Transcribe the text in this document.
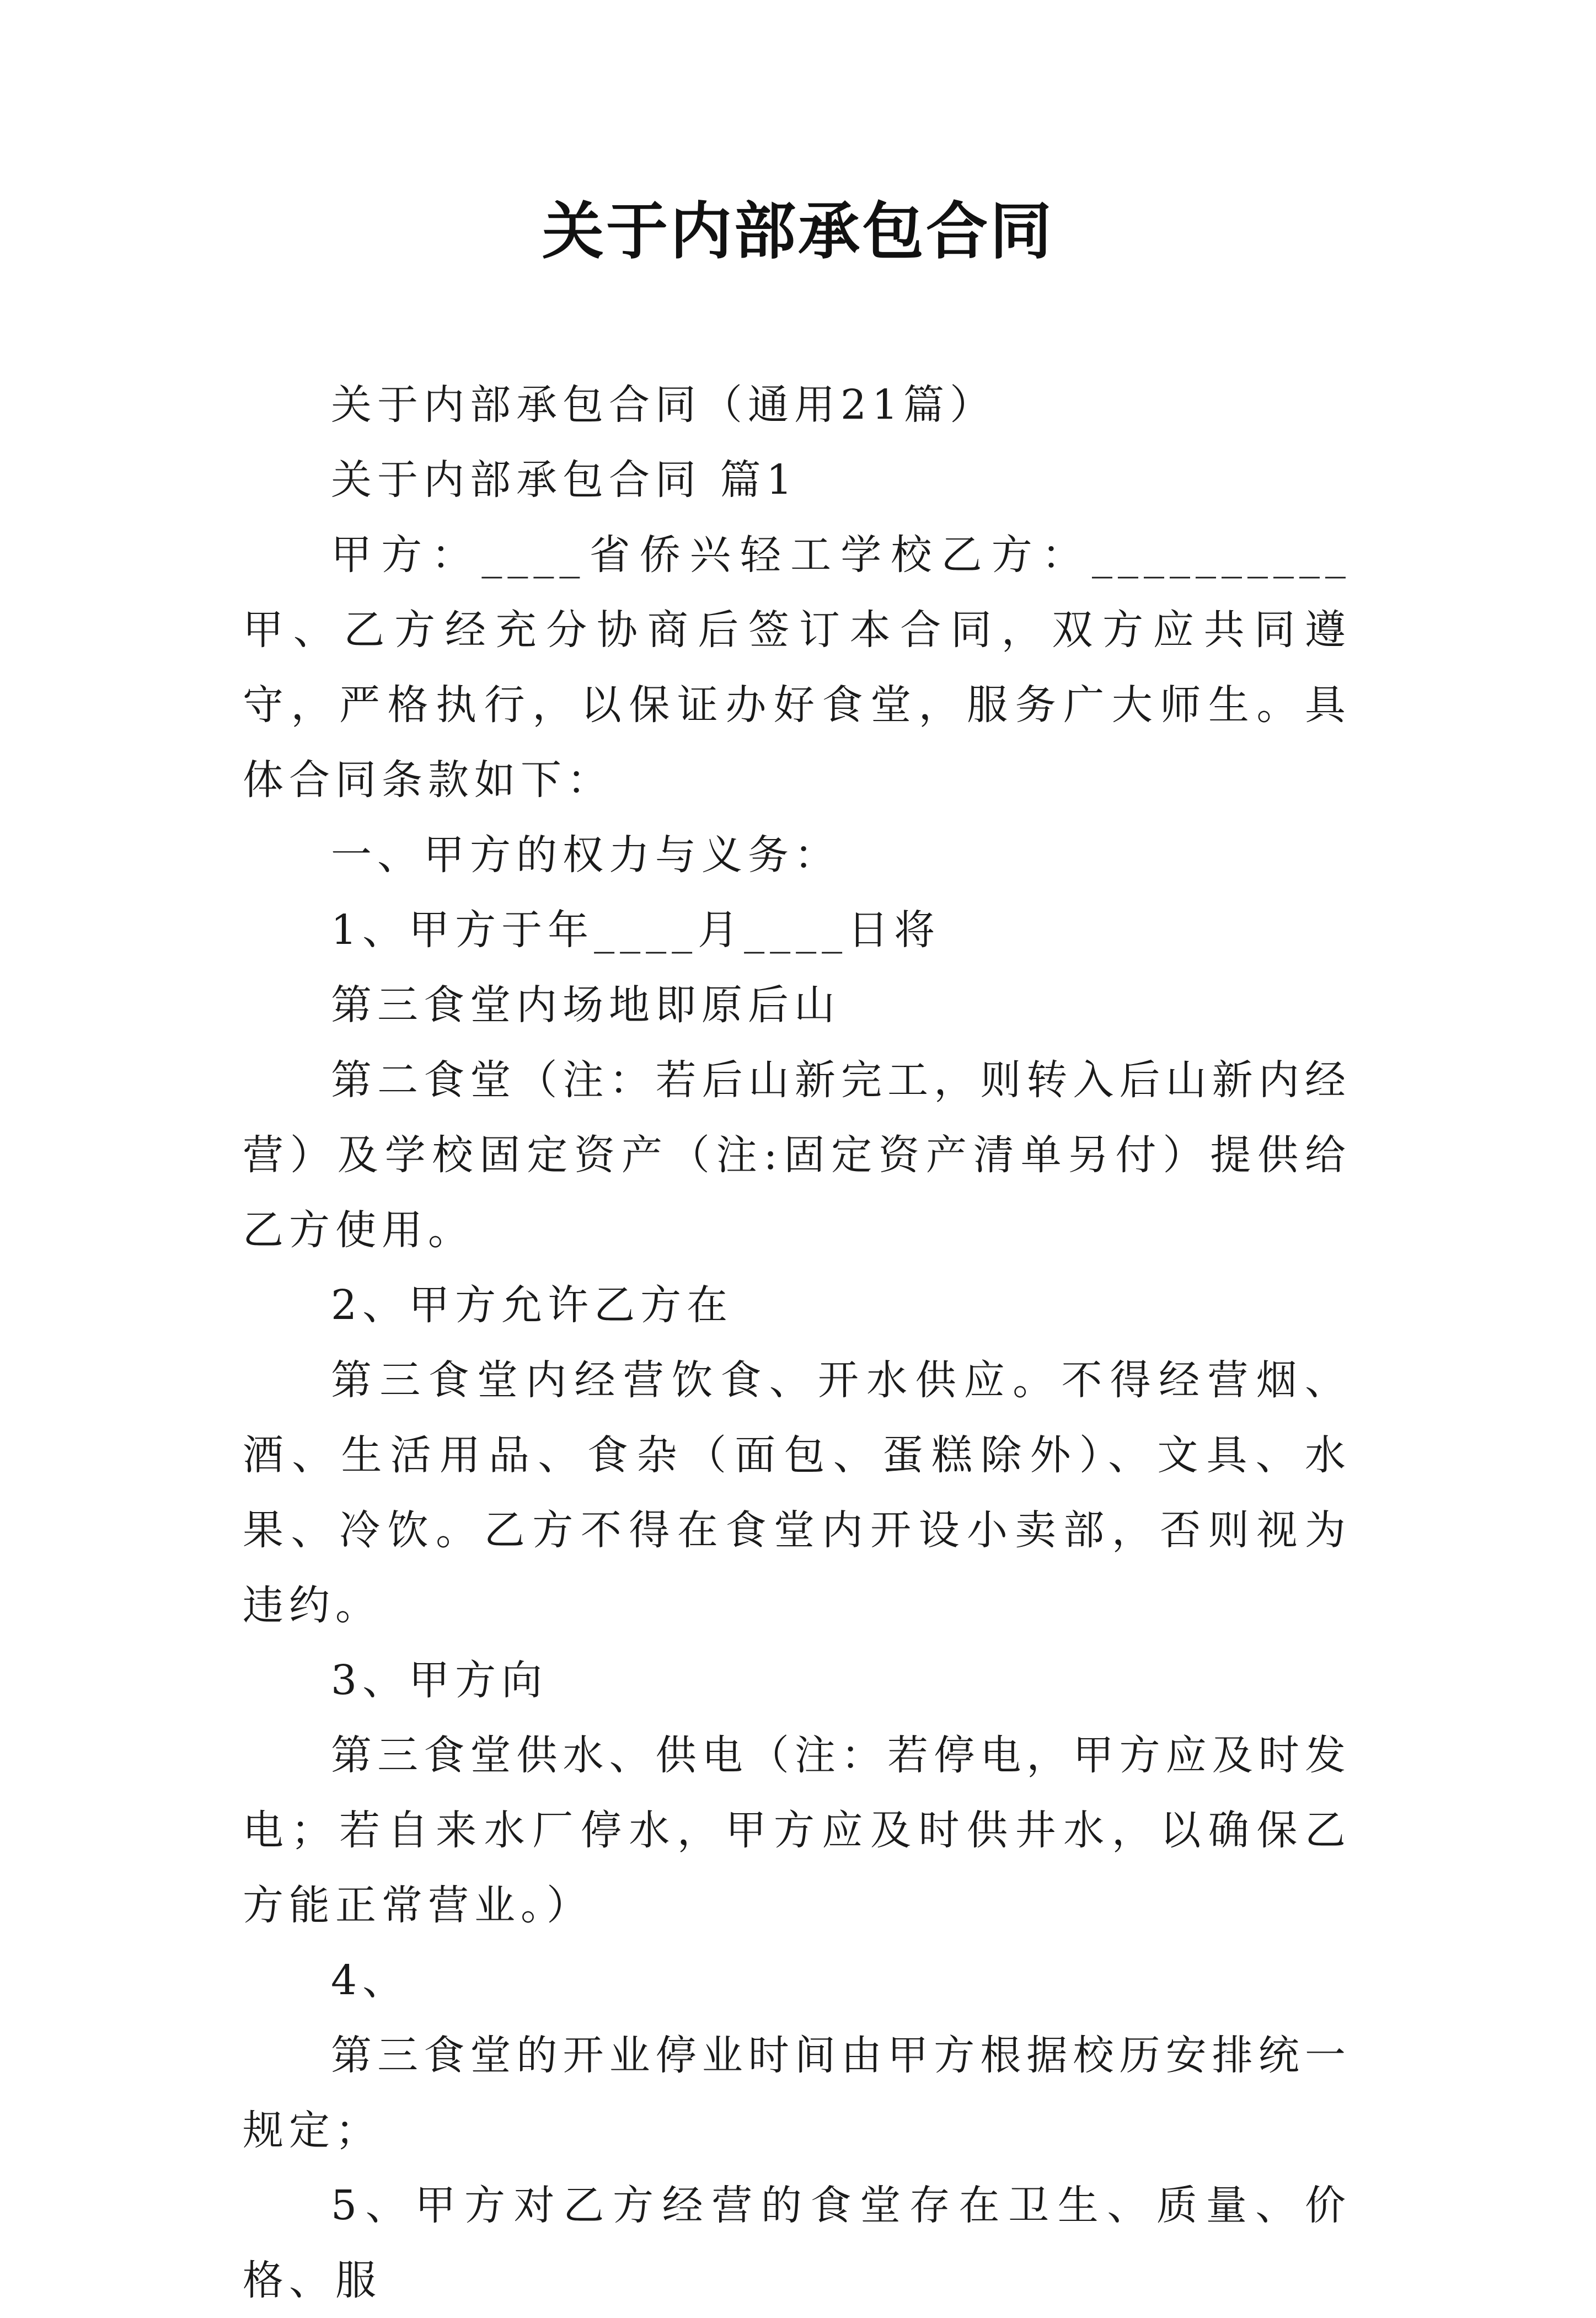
关于内部承包合同

关于内部承包合同（通用21篇）

关于内部承包合同 篇1

甲方：____省侨兴轻工学校乙方：__________甲、乙方经充分协商后签订本合同，双方应共同遵守，严格执行，以保证办好食堂，服务广大师生。具体合同条款如下：

一、甲方的权力与义务：

1、甲方于年____月____日将

第三食堂内场地即原后山

第二食堂（注：若后山新完工，则转入后山新内经营）及学校固定资产（注:固定资产清单另付）提供给乙方使用。

2、甲方允许乙方在

第三食堂内经营饮食、开水供应。不得经营烟、酒、生活用品、食杂（面包、蛋糕除外）、文具、水果、冷饮。乙方不得在食堂内开设小卖部，否则视为违约。

3、甲方向

第三食堂供水、供电（注：若停电，甲方应及时发电；若自来水厂停水，甲方应及时供井水，以确保乙方能正常营业。）

4、

第三食堂的开业停业时间由甲方根据校历安排统一规定；

5、甲方对乙方经营的食堂存在卫生、质量、价格、服
